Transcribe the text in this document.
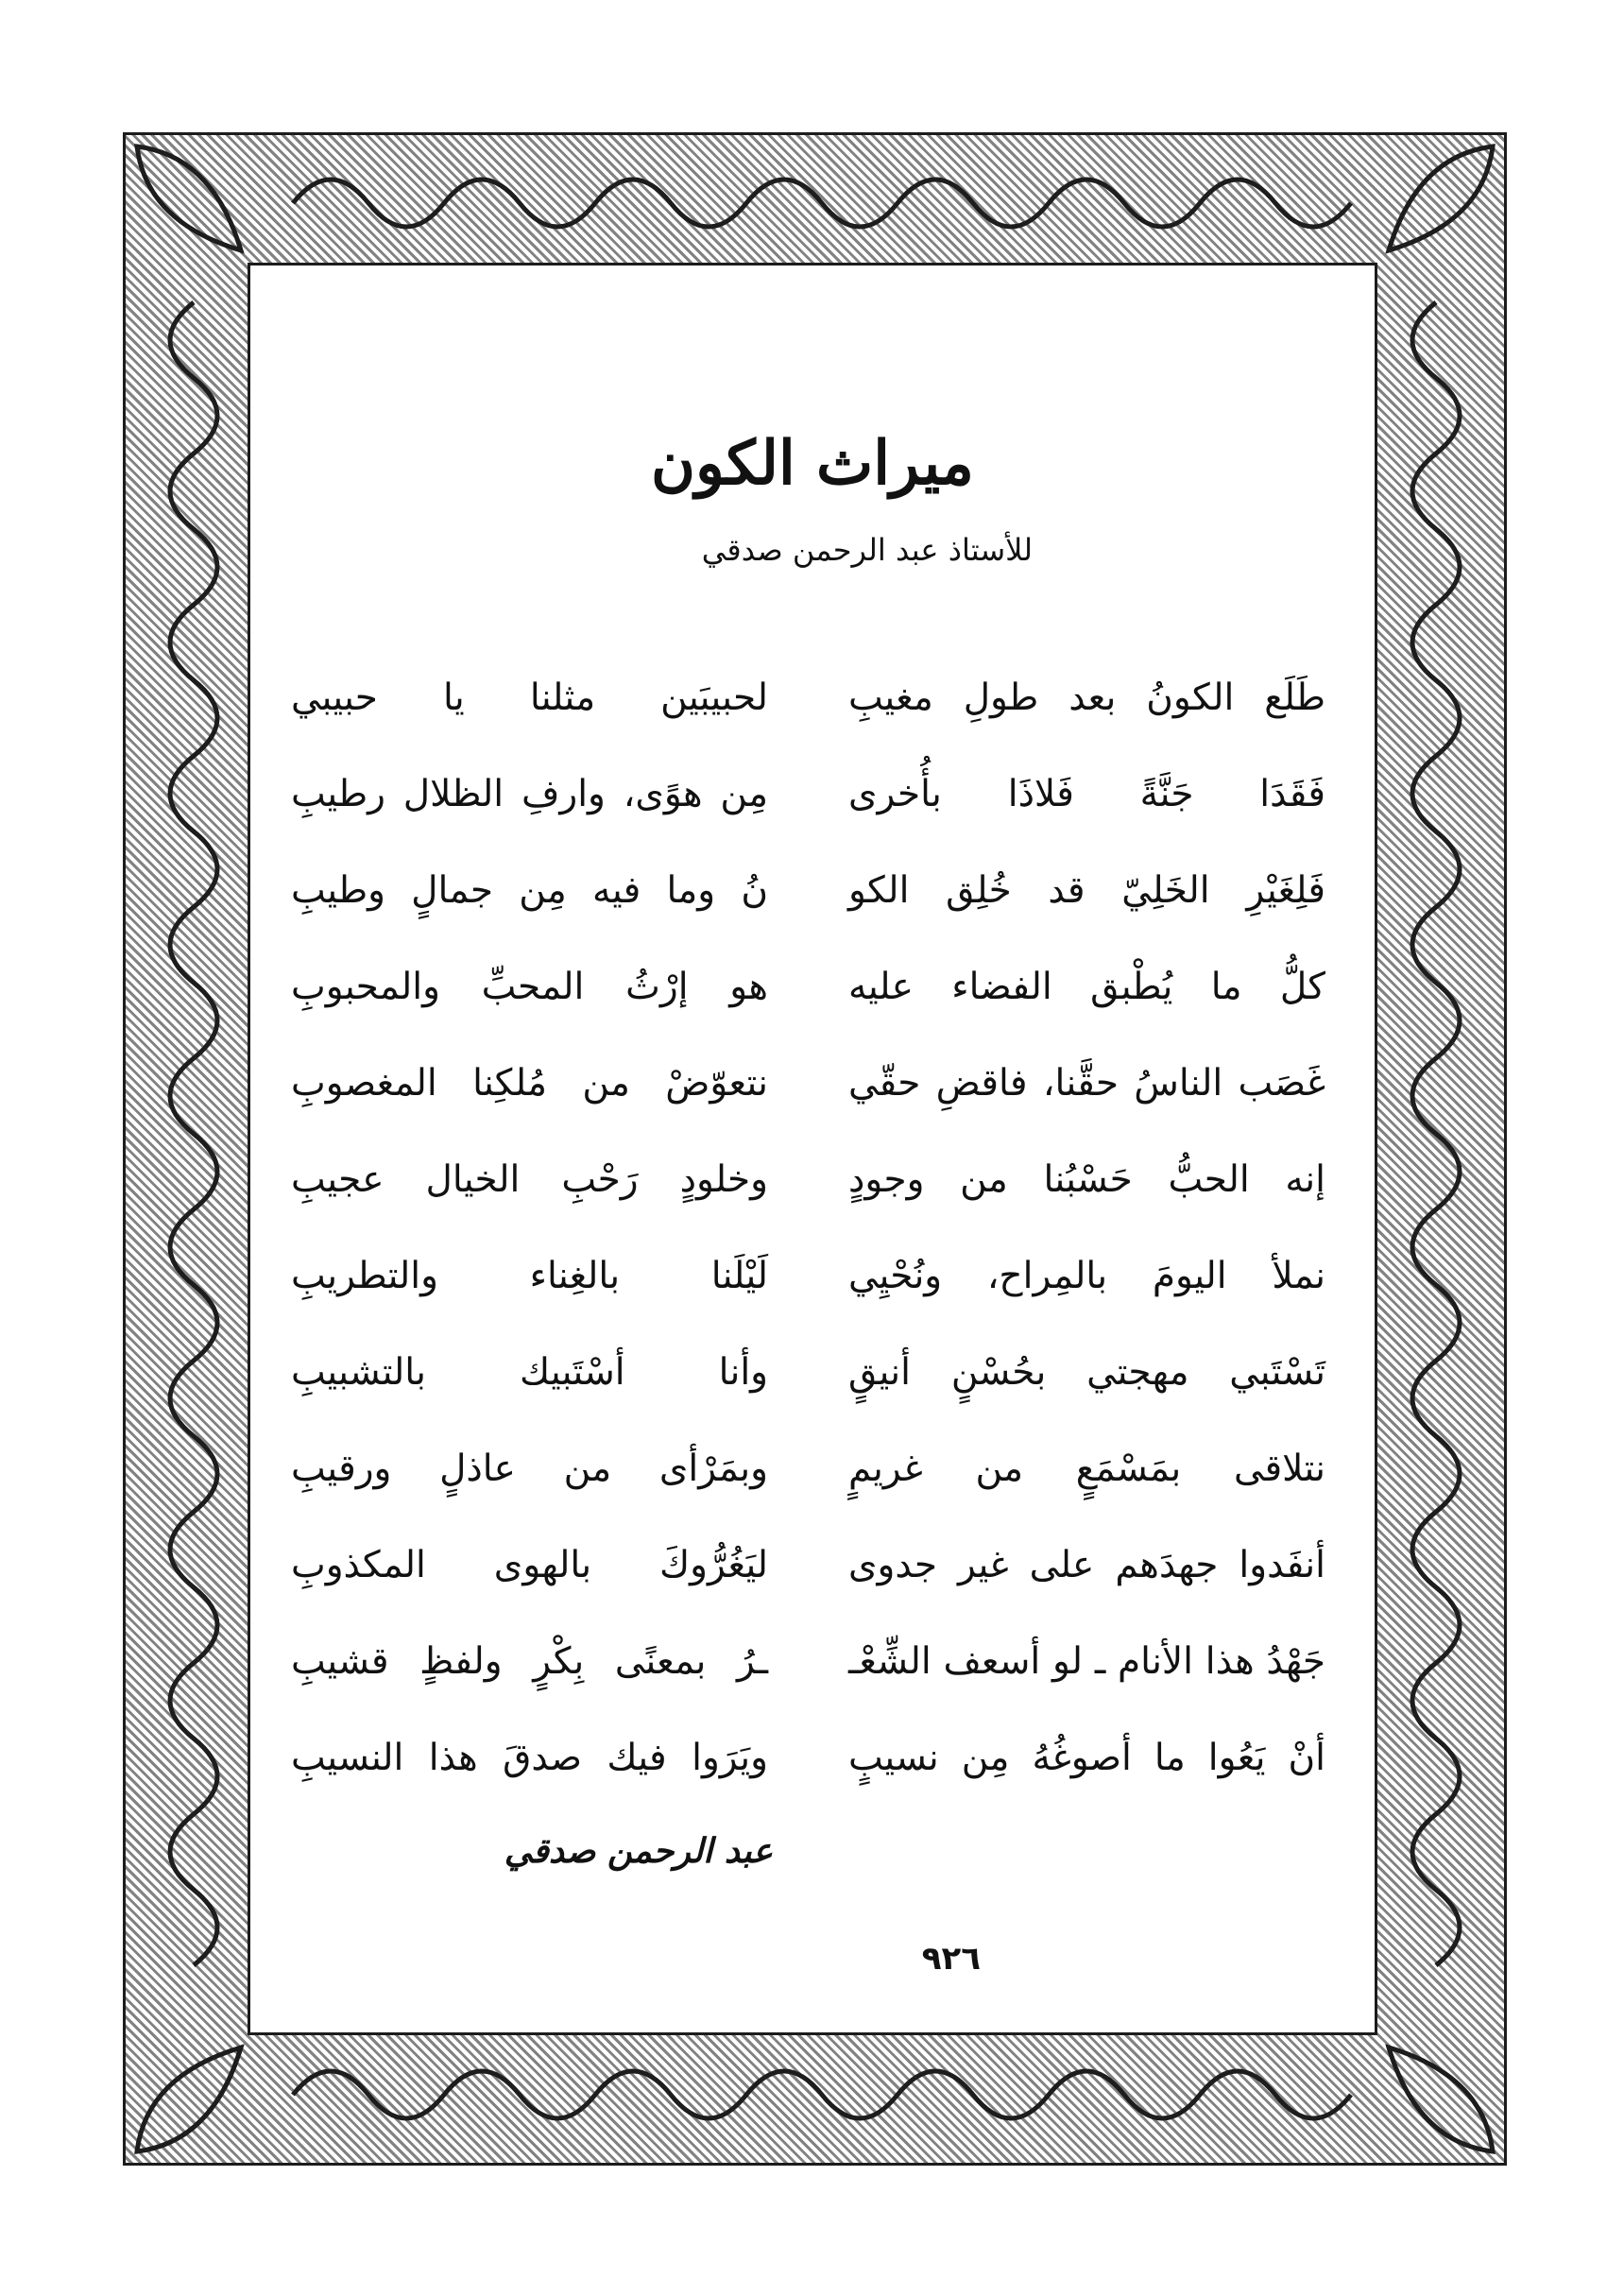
ميراث الكون
للأستاذ عبد الرحمن صدقي
طَلَع الكونُ بعد طولِ مغيبِ
لحبيبَين مثلنا يا حبيبي
فَقَدَا جَنَّةً فَلاذَا بأُخرى
مِن هوًى، وارفِ الظلال رطيبِ
فَلِغَيْرِ الخَلِيّ قد خُلِق الكو
نُ وما فيه مِن جمالٍ وطيبِ
كلُّ ما يُطْبق الفضاء عليه
هو إرْثُ المحبِّ والمحبوبِ
غَصَب الناسُ حقَّنا، فاقضِ حقّي
نتعوّضْ من مُلكِنا المغصوبِ
إنه الحبُّ حَسْبُنا من وجودٍ
وخلودٍ رَحْبِ الخيال عجيبِ
نملأ اليومَ بالمِراح، ونُحْيِي
لَيْلَنا بالغِناء والتطريبِ
تَسْتَبي مهجتي بحُسْنٍ أنيقٍ
وأنا أسْتَبيك بالتشبيبِ
نتلاقى بمَسْمَعٍ من غريمٍ
وبمَرْأى من عاذلٍ ورقيبِ
أنفَدوا جهدَهم على غير جدوى
ليَغُرُّوكَ بالهوى المكذوبِ
جَهْدُ هذا الأنام ـ لو أسعف الشِّعْـ
ـرُ بمعنًى بِكْرٍ ولفظٍ قشيبِ
أنْ يَعُوا ما أصوغُهُ مِن نسيبٍ
ويَرَوا فيك صدقَ هذا النسيبِ
عبد الرحمن صدقي
٩٢٦
